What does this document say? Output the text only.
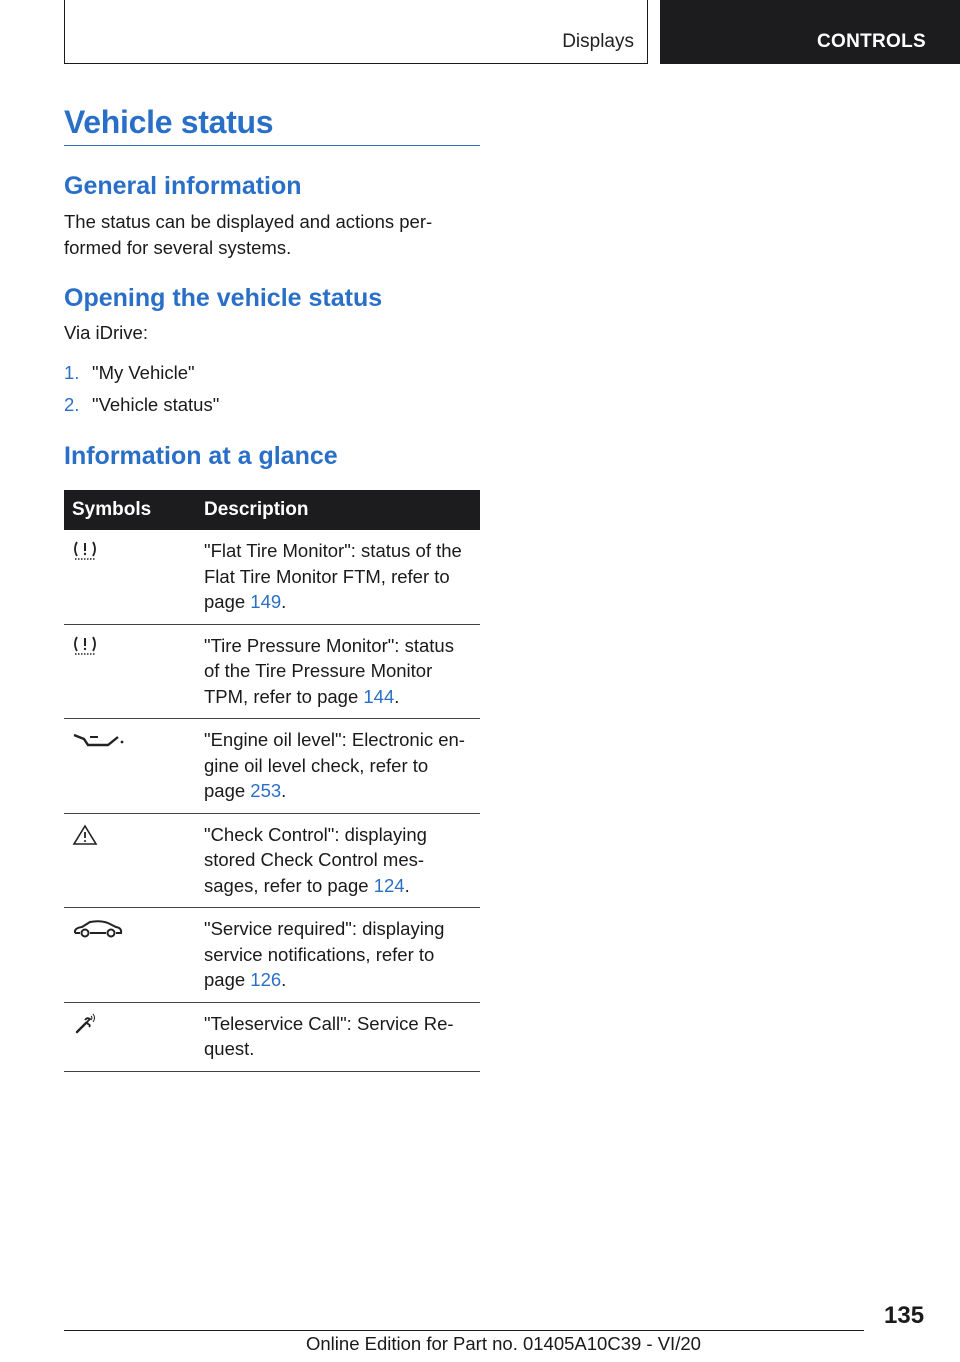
Displays	CONTROLS
Vehicle status
General information

The status can be displayed and actions per-
formed for several systems.

Opening the vehicle status

Via iDrive:

1. "My Vehicle"
2. "Vehicle status"
Information at a glance
Symbols	Description

	"Flat Tire Monitor": status of the Flat Tire Monitor FTM, refer to page 149.

	"Tire Pressure Monitor": status of the Tire Pressure Monitor TPM, refer to page 144.

	"Engine oil level": Electronic en-gine oil level check, refer to page 253.

	"Check Control": displaying stored Check Control mes-sages, refer to page 124.

	"Service required": displaying service notifications, refer to page 126.

	"Teleservice Call": Service Re-quest.
135
Online Edition for Part no. 01405A10C39 - VI/20
